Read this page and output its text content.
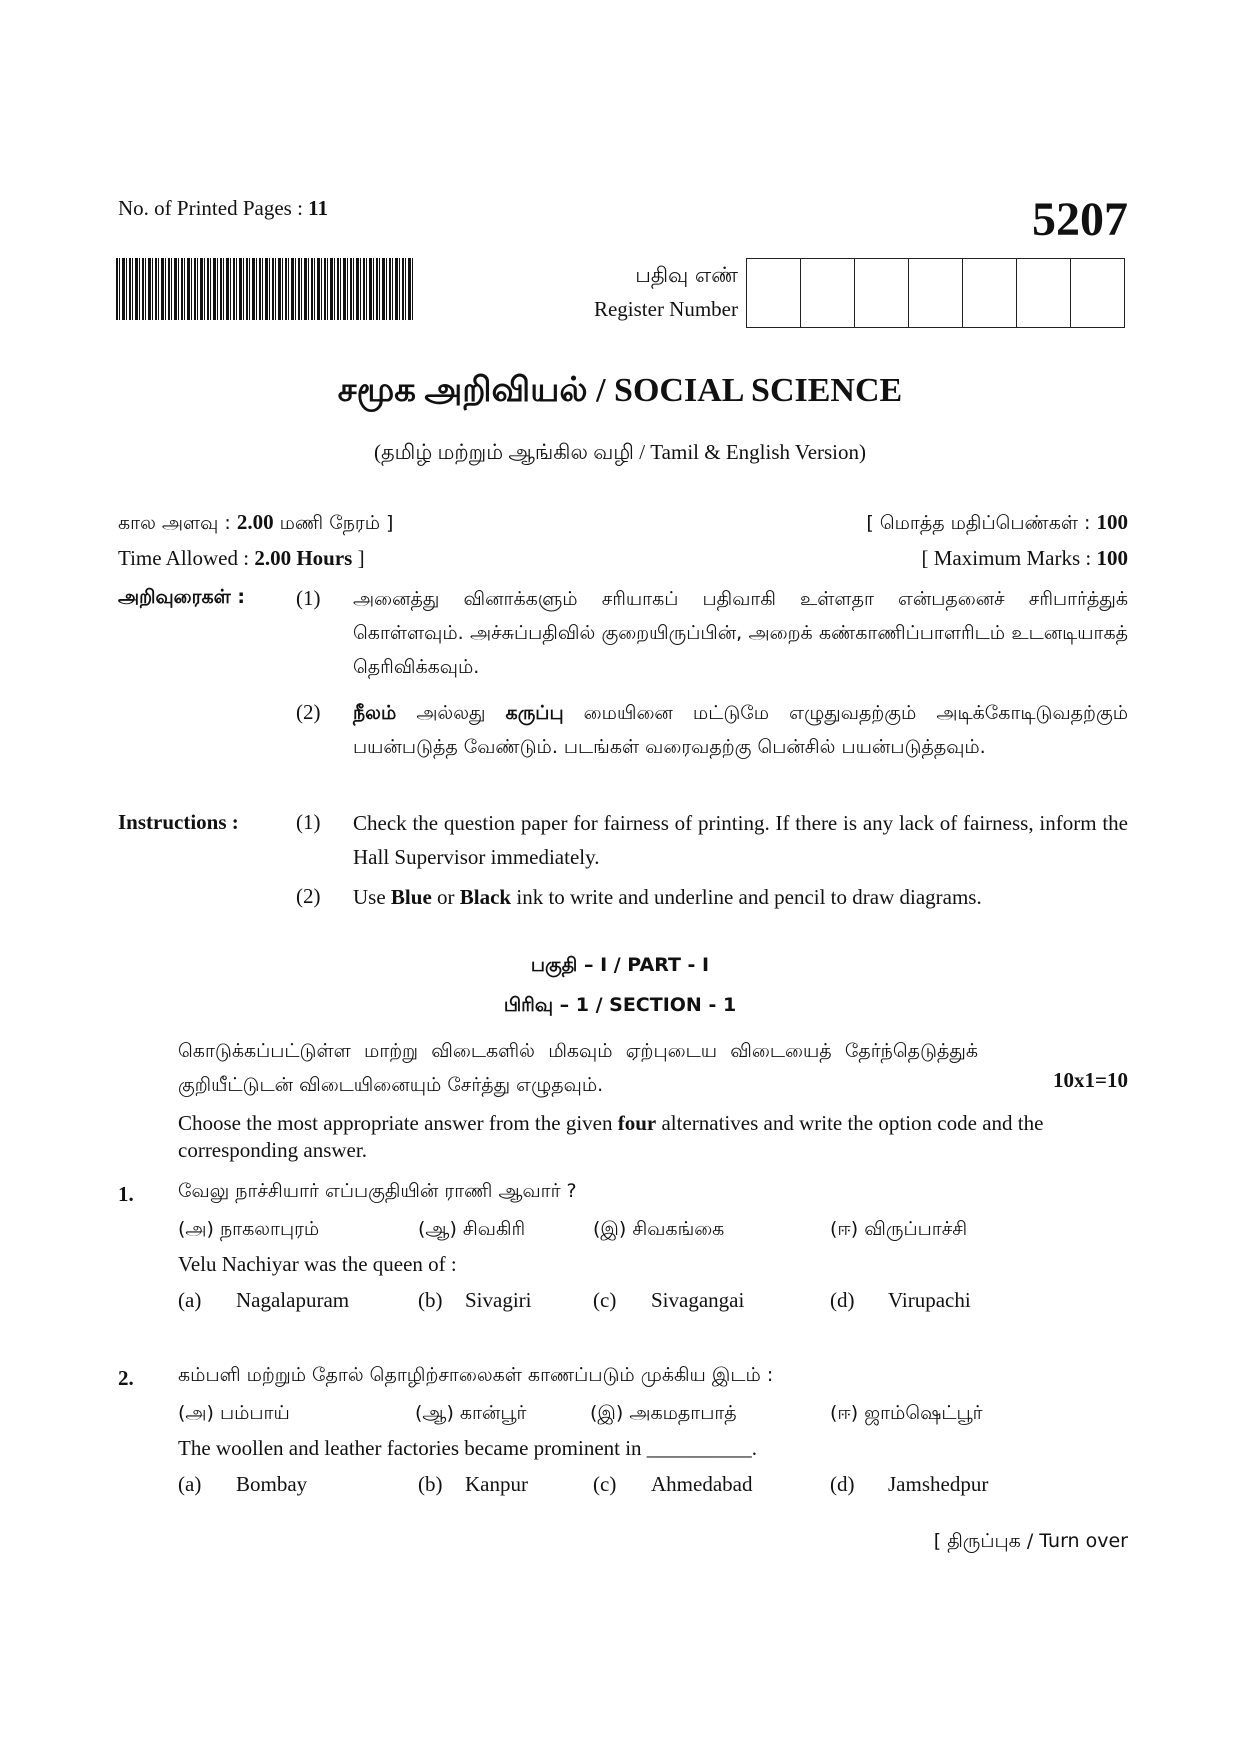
No. of Printed Pages : 11	5207
பதிவு எண்
Register Number
சமூக அறிவியல் / SOCIAL SCIENCE
(தமிழ் மற்றும் ஆங்கில வழி / Tamil & English Version)
கால அளவு : 2.00 மணி நேரம் ]	[ மொத்த மதிப்பெண்கள் : 100
Time Allowed : 2.00 Hours ]	[ Maximum Marks : 100
அறிவுரைகள் : (1) அனைத்து வினாக்களும் சரியாகப் பதிவாகி உள்ளதா என்பதனைச் சரிபார்த்துக் கொள்ளவும். அச்சுப்பதிவில் குறையிருப்பின், அறைக் கண்காணிப்பாளரிடம் உடனடியாகத் தெரிவிக்கவும்.
(2) நீலம் அல்லது கருப்பு மையினை மட்டுமே எழுதுவதற்கும் அடிக்கோடிடுவதற்கும் பயன்படுத்த வேண்டும். படங்கள் வரைவதற்கு பென்சில் பயன்படுத்தவும்.
Instructions :	(1) Check the question paper for fairness of printing. If there is any lack of fairness, inform the Hall Supervisor immediately.
(2) Use Blue or Black ink to write and underline and pencil to draw diagrams.
பகுதி – I / PART - I
பிரிவு – 1 / SECTION - 1
கொடுக்கப்பட்டுள்ள மாற்று விடைகளில் மிகவும் ஏற்புடைய விடையைத் தேர்ந்தெடுத்துக் குறியீட்டுடன் விடையினையும் சேர்த்து எழுதவும்.	10x1=10
Choose the most appropriate answer from the given four alternatives and write the option code and the corresponding answer.
1. வேலு நாச்சியார் எப்பகுதியின் ராணி ஆவார் ?
(அ) நாகலாபுரம்	(ஆ) சிவகிரி	(இ) சிவகங்கை	(ஈ) விருப்பாச்சி
Velu Nachiyar was the queen of :
(a)	Nagalapuram	(b)	Sivagiri	(c)	Sivagangai	(d)	Virupachi
2. கம்பளி மற்றும் தோல் தொழிற்சாலைகள் காணப்படும் முக்கிய இடம் :
(அ) பம்பாய்	(ஆ) கான்பூர்	(இ) அகமதாபாத்	(ஈ) ஜாம்ஷெட்பூர்
The woollen and leather factories became prominent in __________.
(a)	Bombay	(b)	Kanpur	(c)	Ahmedabad	(d)	Jamshedpur
[ திருப்புக / Turn over
